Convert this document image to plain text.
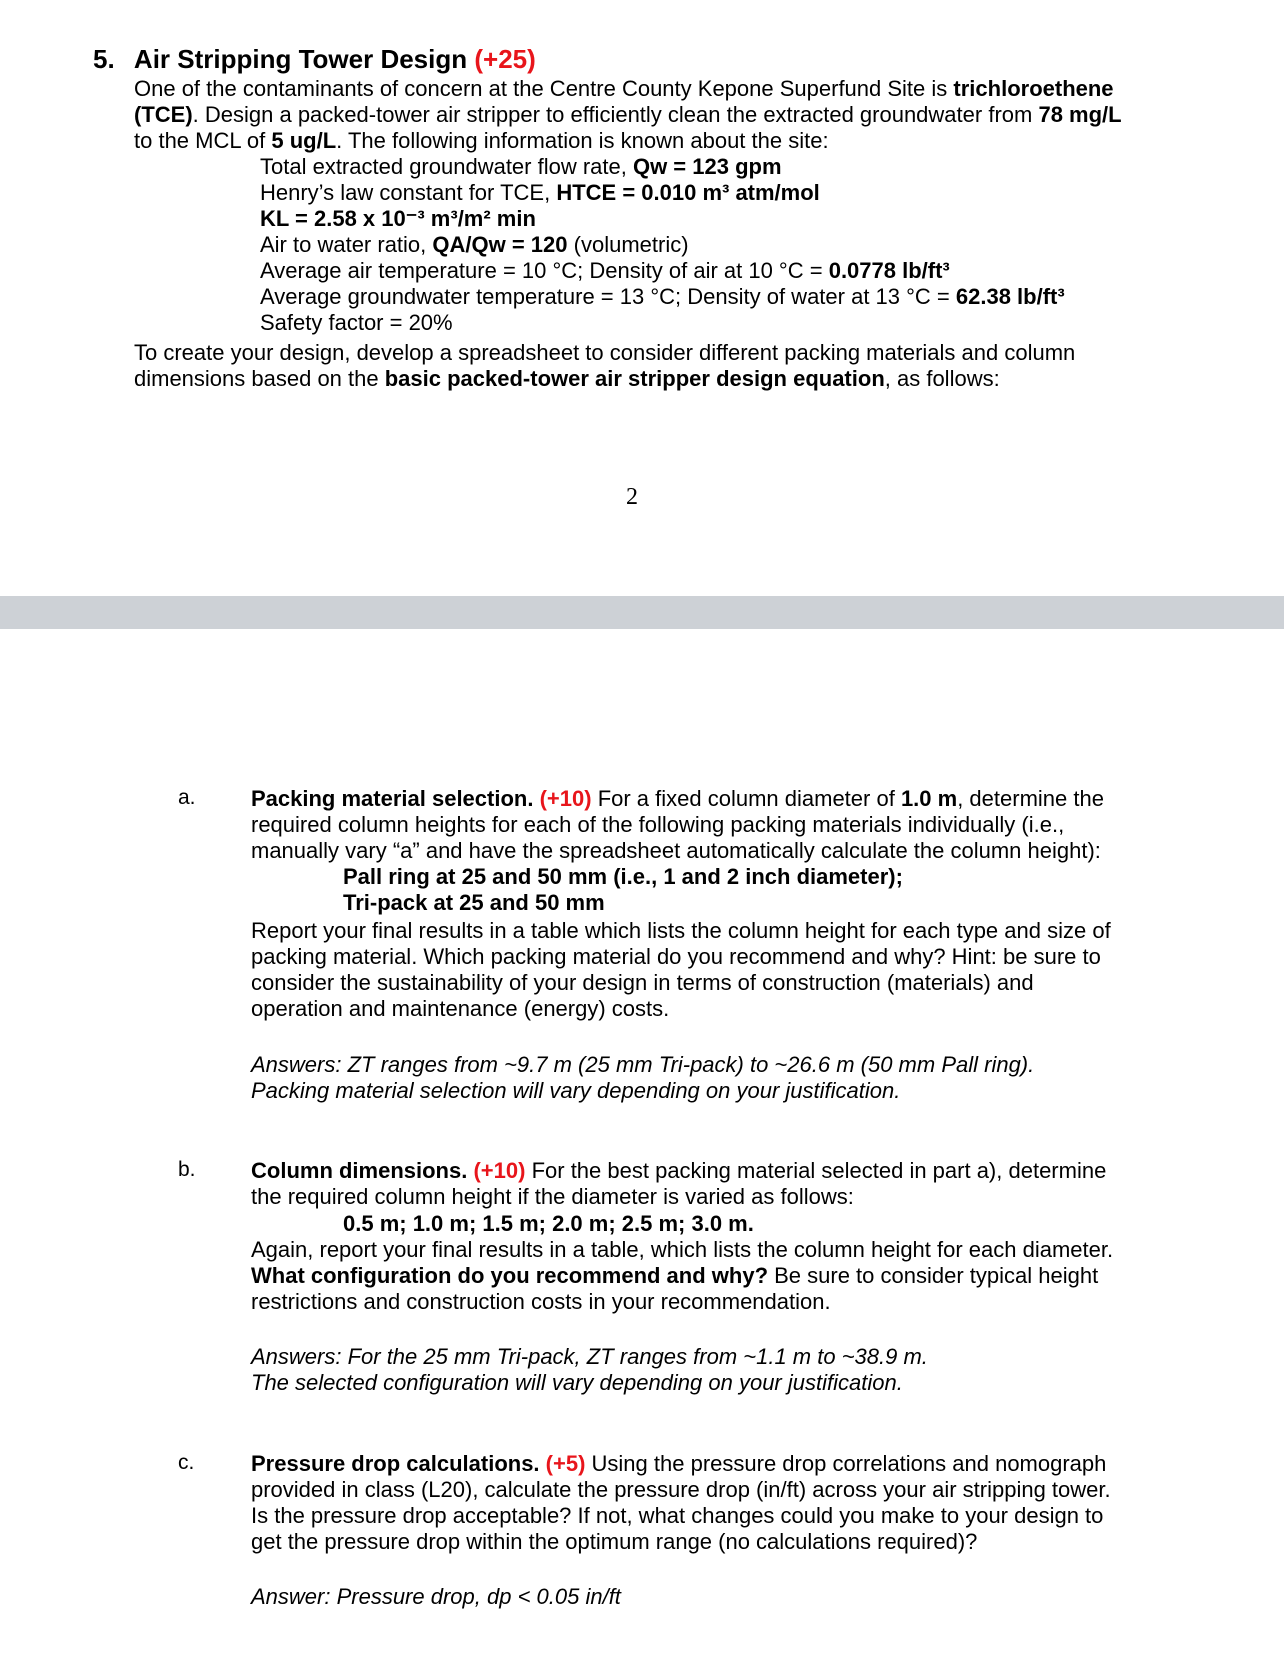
5. Air Stripping Tower Design (+25)
One of the contaminants of concern at the Centre County Kepone Superfund Site is trichloroethene
(TCE). Design a packed-tower air stripper to efficiently clean the extracted groundwater from 78 mg/L
to the MCL of 5 ug/L. The following information is known about the site:
Total extracted groundwater flow rate, Qw = 123 gpm
Henry’s law constant for TCE, HTCE = 0.010 m³ atm/mol
KL = 2.58 x 10⁻³ m³/m² min
Air to water ratio, QA/Qw = 120 (volumetric)
Average air temperature = 10 °C; Density of air at 10 °C = 0.0778 lb/ft³
Average groundwater temperature = 13 °C; Density of water at 13 °C = 62.38 lb/ft³
Safety factor = 20%
To create your design, develop a spreadsheet to consider different packing materials and column
dimensions based on the basic packed-tower air stripper design equation, as follows:
2
a.	Packing material selection. (+10) For a fixed column diameter of 1.0 m, determine the
required column heights for each of the following packing materials individually (i.e.,
manually vary “a” and have the spreadsheet automatically calculate the column height):
Pall ring at 25 and 50 mm (i.e., 1 and 2 inch diameter);
Tri-pack at 25 and 50 mm
Report your final results in a table which lists the column height for each type and size of
packing material. Which packing material do you recommend and why? Hint: be sure to
consider the sustainability of your design in terms of construction (materials) and
operation and maintenance (energy) costs.
Answers: ZT ranges from ~9.7 m (25 mm Tri-pack) to ~26.6 m (50 mm Pall ring).
Packing material selection will vary depending on your justification.
b.	Column dimensions. (+10) For the best packing material selected in part a), determine
the required column height if the diameter is varied as follows:
0.5 m; 1.0 m; 1.5 m; 2.0 m; 2.5 m; 3.0 m.
Again, report your final results in a table, which lists the column height for each diameter.
What configuration do you recommend and why? Be sure to consider typical height
restrictions and construction costs in your recommendation.
Answers: For the 25 mm Tri-pack, ZT ranges from ~1.1 m to ~38.9 m.
The selected configuration will vary depending on your justification.
c.	Pressure drop calculations. (+5) Using the pressure drop correlations and nomograph
provided in class (L20), calculate the pressure drop (in/ft) across your air stripping tower.
Is the pressure drop acceptable? If not, what changes could you make to your design to
get the pressure drop within the optimum range (no calculations required)?
Answer: Pressure drop, dp < 0.05 in/ft
